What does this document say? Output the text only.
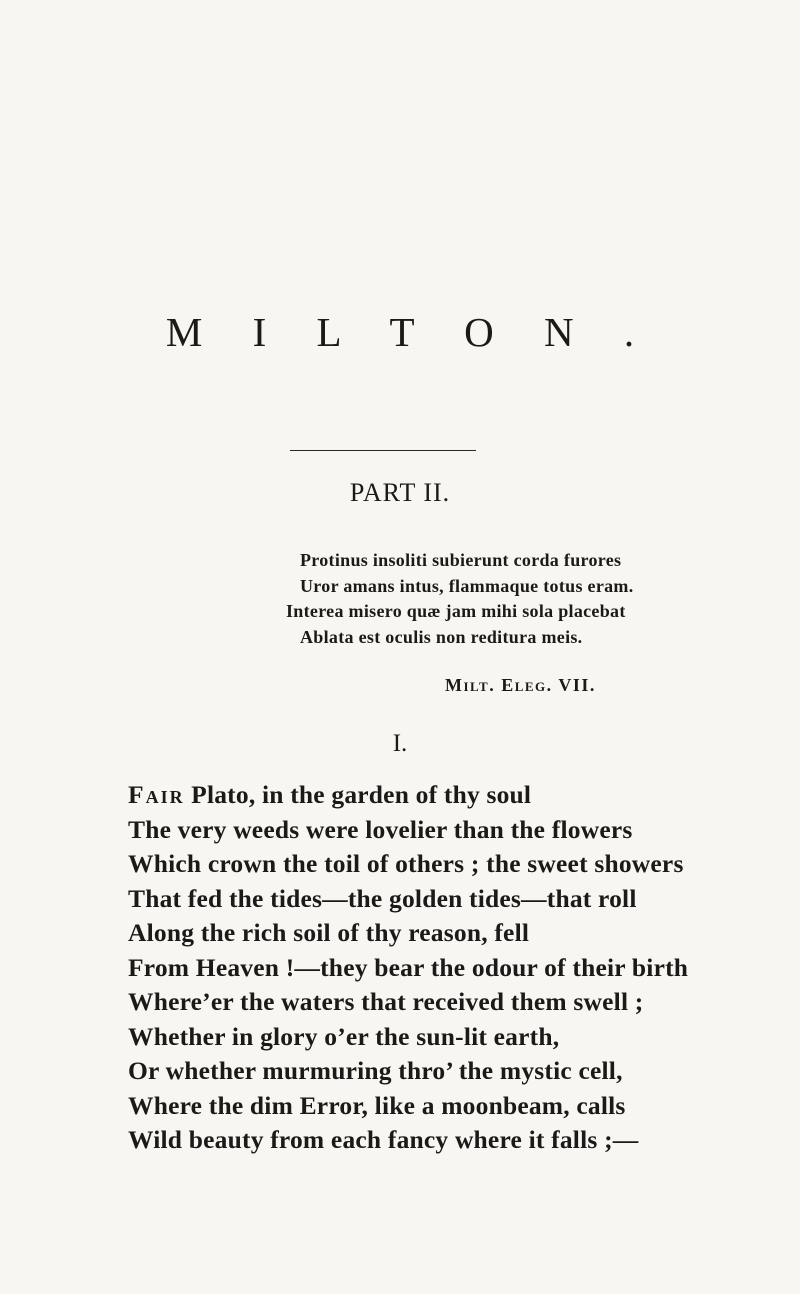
M I L T O N .
PART II.
Protinus insoliti subierunt corda furores
Uror amans intus, flammaque totus eram.
Interea misero quæ jam mihi sola placebat
Ablata est oculis non reditura meis.
Milt. Eleg. VII.
I.
Fair Plato, in the garden of thy soul
The very weeds were lovelier than the flowers
Which crown the toil of others ; the sweet showers
That fed the tides—the golden tides—that roll
Along the rich soil of thy reason, fell
From Heaven !—they bear the odour of their birth
Where’er the waters that received them swell ;
Whether in glory o’er the sun-lit earth,
Or whether murmuring thro’ the mystic cell,
Where the dim Error, like a moonbeam, calls
Wild beauty from each fancy where it falls ;—
